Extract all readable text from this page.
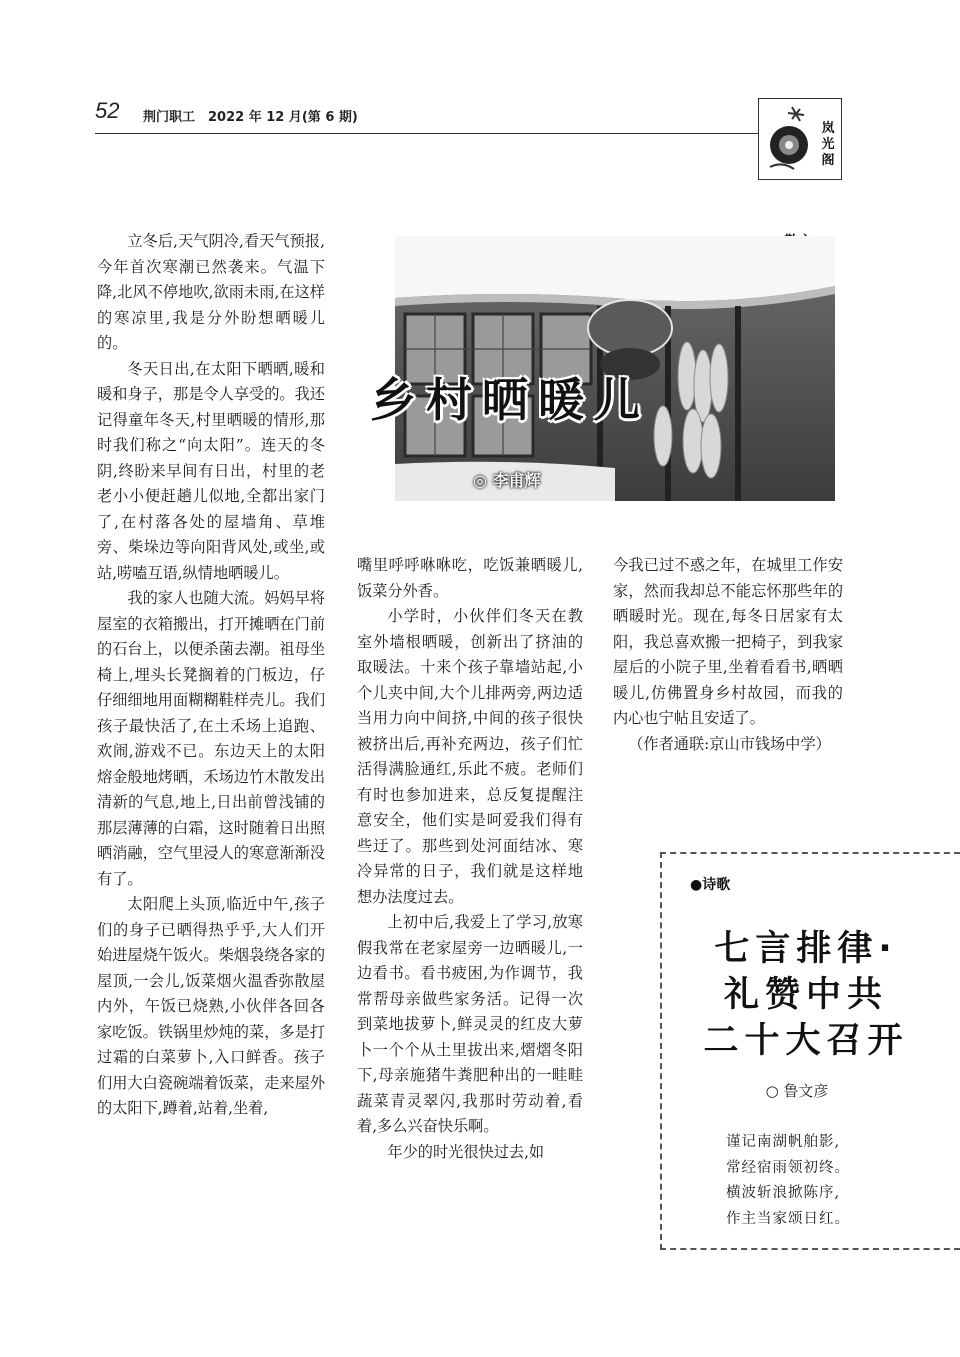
52 荆门职工　2022 年 12 月(第 6 期)
岚光阁
乡村晒暖儿
◎ 李甫辉

立冬后,天气阴冷,看天气预报,今年首次寒潮已然袭来。气温下降,北风不停地吹,欲雨未雨,在这样的寒凉里,我是分外盼想晒暖儿的。

冬天日出,在太阳下晒晒,暖和暖和身子，那是令人享受的。我还记得童年冬天,村里晒暖的情形,那时我们称之“向太阳”。连天的冬阴,终盼来早间有日出，村里的老老小小便赶趟儿似地,全都出家门了,在村落各处的屋墙角、草堆旁、柴垛边等向阳背风处,或坐,或站,唠嗑互语,纵情地晒暖儿。

我的家人也随大流。妈妈早将屋室的衣箱搬出，打开摊晒在门前的石台上，以便杀菌去潮。祖母坐椅上,埋头长凳搁着的门板边，仔仔细细地用面糊糊鞋样壳儿。我们孩子最快活了,在土禾场上追跑、欢闹,游戏不已。东边天上的太阳熔金般地烤晒，禾场边竹木散发出清新的气息,地上,日出前曾浅铺的那层薄薄的白霜，这时随着日出照晒消融，空气里浸人的寒意渐渐没有了。

太阳爬上头顶,临近中午,孩子们的身子已晒得热乎乎,大人们开始进屋烧午饭火。柴烟袅绕各家的屋顶,一会儿,饭菜烟火温香弥散屋内外，午饭已烧熟,小伙伴各回各家吃饭。铁锅里炒炖的菜，多是打过霜的白菜萝卜,入口鲜香。孩子们用大白瓷碗端着饭菜，走来屋外的太阳下,蹲着,站着,坐着,

嘴里呼呼咻咻吃，吃饭兼晒暖儿,饭菜分外香。

小学时，小伙伴们冬天在教室外墙根晒暖，创新出了挤油的取暖法。十来个孩子靠墙站起,小个儿夹中间,大个儿排两旁,两边适当用力向中间挤,中间的孩子很快被挤出后,再补充两边，孩子们忙活得满脸通红,乐此不疲。老师们有时也参加进来，总反复提醒注意安全，他们实是呵爱我们得有些迂了。那些到处河面结冰、寒冷异常的日子，我们就是这样地想办法度过去。

上初中后,我爱上了学习,放寒假我常在老家屋旁一边晒暖儿,一边看书。看书疲困,为作调节，我常帮母亲做些家务活。记得一次到菜地拔萝卜,鲜灵灵的红皮大萝卜一个个从土里拔出来,熠熠冬阳下,母亲施猪牛粪肥种出的一畦畦蔬菜青灵翠闪,我那时劳动着,看着,多么兴奋快乐啊。

年少的时光很快过去,如

今我已过不惑之年，在城里工作安家，然而我却总不能忘怀那些年的晒暖时光。现在,每冬日居家有太阳，我总喜欢搬一把椅子，到我家屋后的小院子里,坐着看看书,晒晒暖儿,仿佛置身乡村故园，而我的内心也宁帖且安适了。

（作者通联:京山市钱场中学）

●诗歌
七言排律·
礼赞中共
二十大召开
○ 鲁文彦
谨记南湖帆舶影,
常经宿雨领初终。
横波斩浪掀陈序,
作主当家颂日红。
